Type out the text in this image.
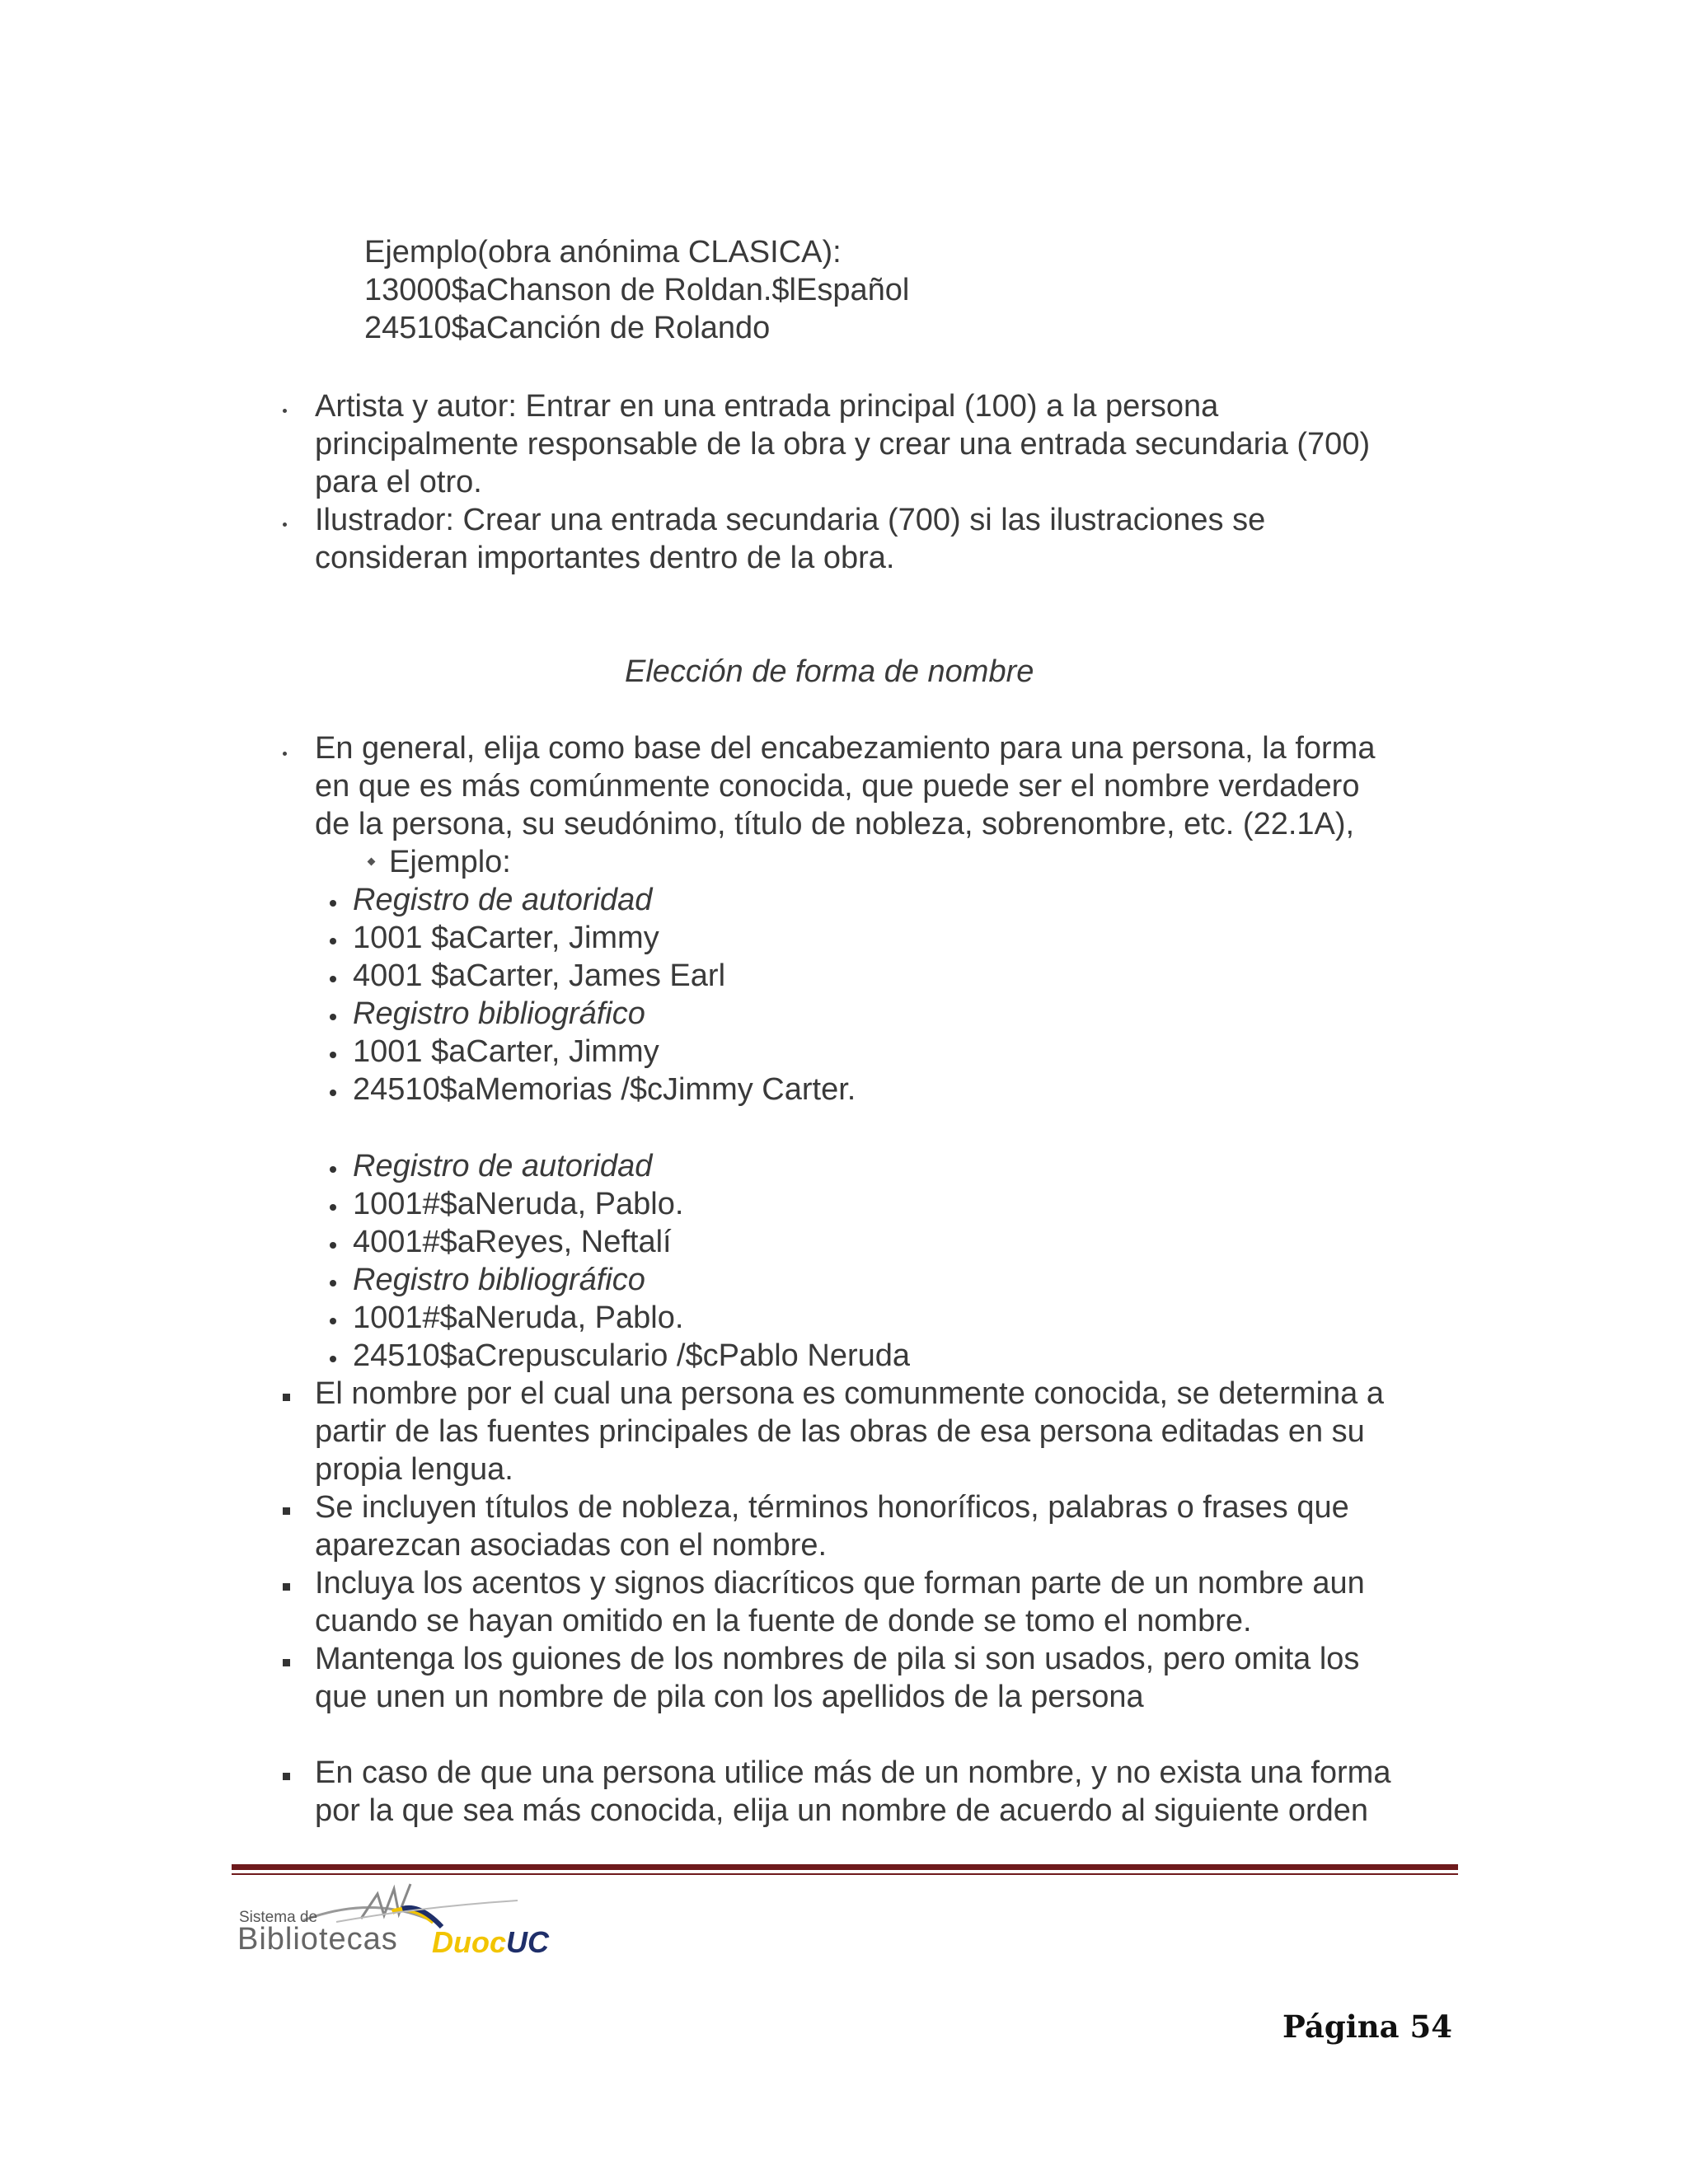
Ejemplo(obra anónima CLASICA):
13000$aChanson de Roldan.$lEspañol
24510$aCanción de Rolando
Artista y autor: Entrar en una entrada principal (100) a la persona
principalmente responsable de la obra y crear una entrada secundaria (700)
para el otro.
Ilustrador: Crear una entrada secundaria (700) si las ilustraciones se
consideran importantes dentro de la obra.
Elección de forma de nombre
En general, elija como base del encabezamiento para una persona, la forma
en que es más comúnmente conocida, que puede ser el nombre verdadero
de la persona, su seudónimo, título de nobleza, sobrenombre, etc. (22.1A),
Ejemplo:
Registro de autoridad
1001 $aCarter, Jimmy
4001 $aCarter, James Earl
Registro bibliográfico
1001 $aCarter, Jimmy
24510$aMemorias /$cJimmy Carter.
Registro de autoridad
1001#$aNeruda, Pablo.
4001#$aReyes, Neftalí
Registro bibliográfico
1001#$aNeruda, Pablo.
24510$aCrepusculario /$cPablo Neruda
El nombre por el cual una persona es comunmente conocida, se determina a
partir de las fuentes principales de las obras de esa persona editadas en su
propia lengua.
Se incluyen títulos de nobleza, términos honoríficos, palabras o frases que
aparezcan asociadas con el nombre.
Incluya los acentos y signos diacríticos que forman parte de un nombre aun
cuando se hayan omitido en la fuente de donde se tomo el nombre.
Mantenga los guiones de los nombres de pila si son usados, pero omita los
que unen un nombre de pila con los apellidos de la persona
En caso de que una persona utilice más de un nombre, y no exista una forma
por la que sea más conocida, elija un nombre de acuerdo al siguiente orden
Sistema de
Bibliotecas DuocUC
Página 54
